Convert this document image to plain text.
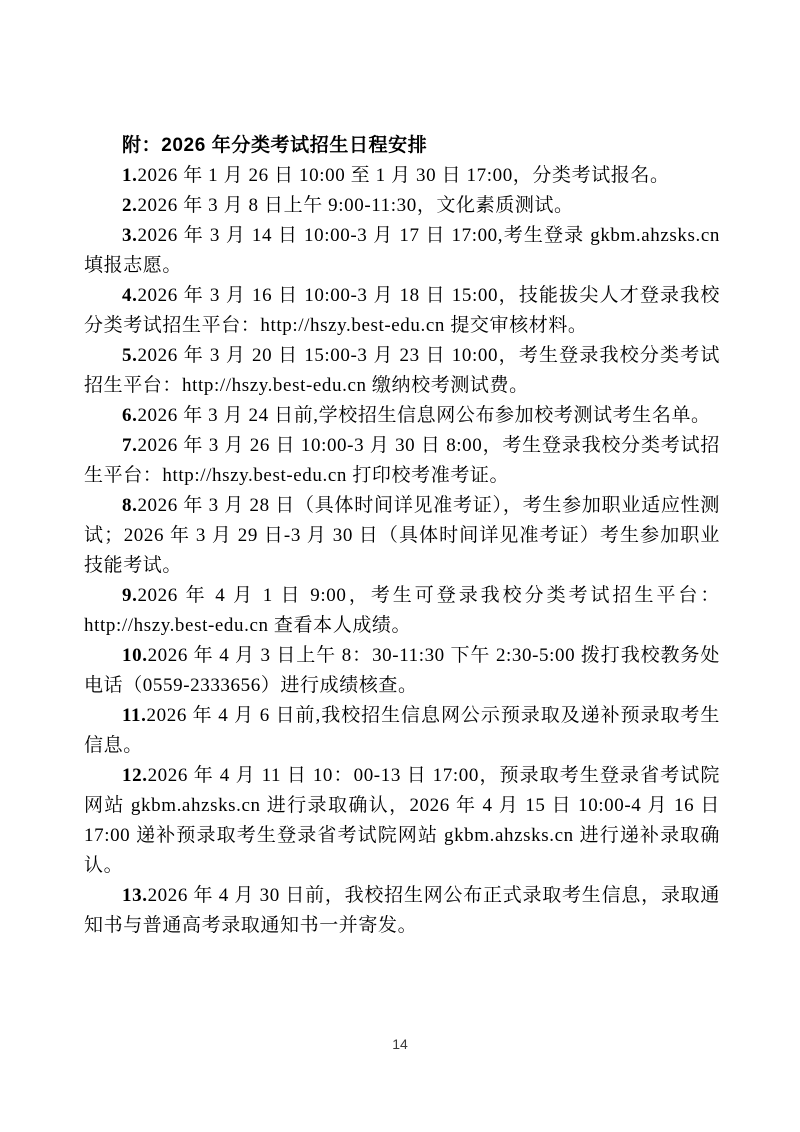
附：2026 年分类考试招生日程安排

1.2026 年 1 月 26 日 10:00 至 1 月 30 日 17:00，分类考试报名。

2.2026 年 3 月 8 日上午 9:00-11:30，文化素质测试。

3.2026 年 3 月 14 日 10:00-3 月 17 日 17:00,考生登录 gkbm.ahzsks.cn 填报志愿。

4.2026 年 3 月 16 日 10:00-3 月 18 日 15:00，技能拔尖人才登录我校分类考试招生平台：http://hszy.best-edu.cn 提交审核材料。

5.2026 年 3 月 20 日 15:00-3 月 23 日 10:00，考生登录我校分类考试招生平台：http://hszy.best-edu.cn 缴纳校考测试费。

6.2026 年 3 月 24 日前,学校招生信息网公布参加校考测试考生名单。

7.2026 年 3 月 26 日 10:00-3 月 30 日 8:00，考生登录我校分类考试招生平台：http://hszy.best-edu.cn 打印校考准考证。

8.2026 年 3 月 28 日（具体时间详见准考证），考生参加职业适应性测试；2026 年 3 月 29 日-3 月 30 日（具体时间详见准考证）考生参加职业技能考试。

9.2026 年 4 月 1 日 9:00，考生可登录我校分类考试招生平台：http://hszy.best-edu.cn 查看本人成绩。

10.2026 年 4 月 3 日上午 8：30-11:30 下午 2:30-5:00 拨打我校教务处电话（0559-2333656）进行成绩核查。

11.2026 年 4 月 6 日前,我校招生信息网公示预录取及递补预录取考生信息。

12.2026 年 4 月 11 日 10：00-13 日 17:00，预录取考生登录省考试院网站 gkbm.ahzsks.cn 进行录取确认，2026 年 4 月 15 日 10:00-4 月 16 日 17:00 递补预录取考生登录省考试院网站 gkbm.ahzsks.cn 进行递补录取确认。

13.2026 年 4 月 30 日前，我校招生网公布正式录取考生信息，录取通知书与普通高考录取通知书一并寄发。

14
